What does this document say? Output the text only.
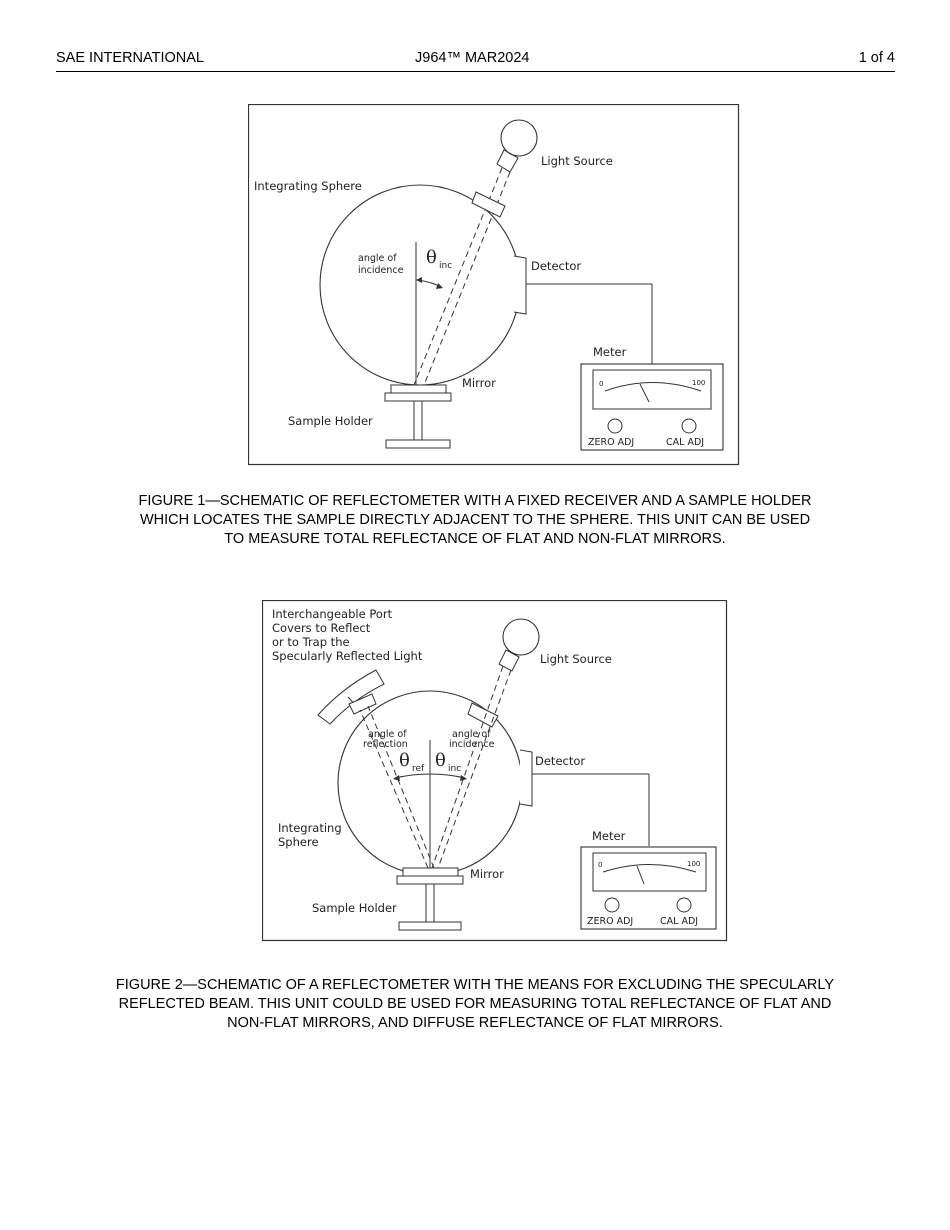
SAE INTERNATIONAL	J964™ MAR2024	1 of 4
Integrating Sphere
Light Source
Detector
angle of
incidence
θ inc
Mirror
Sample Holder
Meter
0	100
ZERO ADJ	CAL ADJ
FIGURE 1—SCHEMATIC OF REFLECTOMETER WITH A FIXED RECEIVER AND A SAMPLE HOLDER
WHICH LOCATES THE SAMPLE DIRECTLY ADJACENT TO THE SPHERE. THIS UNIT CAN BE USED
TO MEASURE TOTAL REFLECTANCE OF FLAT AND NON-FLAT MIRRORS.
Interchangeable Port
Covers to Reflect
or to Trap the
Specularly Reflected Light	Light Source
angle of
reflection
angle of
incidence
θ ref θ inc
Detector
Integrating
Sphere
Mirror
Sample Holder
Meter
0	100
ZERO ADJ	CAL ADJ
FIGURE 2—SCHEMATIC OF A REFLECTOMETER WITH THE MEANS FOR EXCLUDING THE SPECULARLY
REFLECTED BEAM. THIS UNIT COULD BE USED FOR MEASURING TOTAL REFLECTANCE OF FLAT AND
NON-FLAT MIRRORS, AND DIFFUSE REFLECTANCE OF FLAT MIRRORS.
